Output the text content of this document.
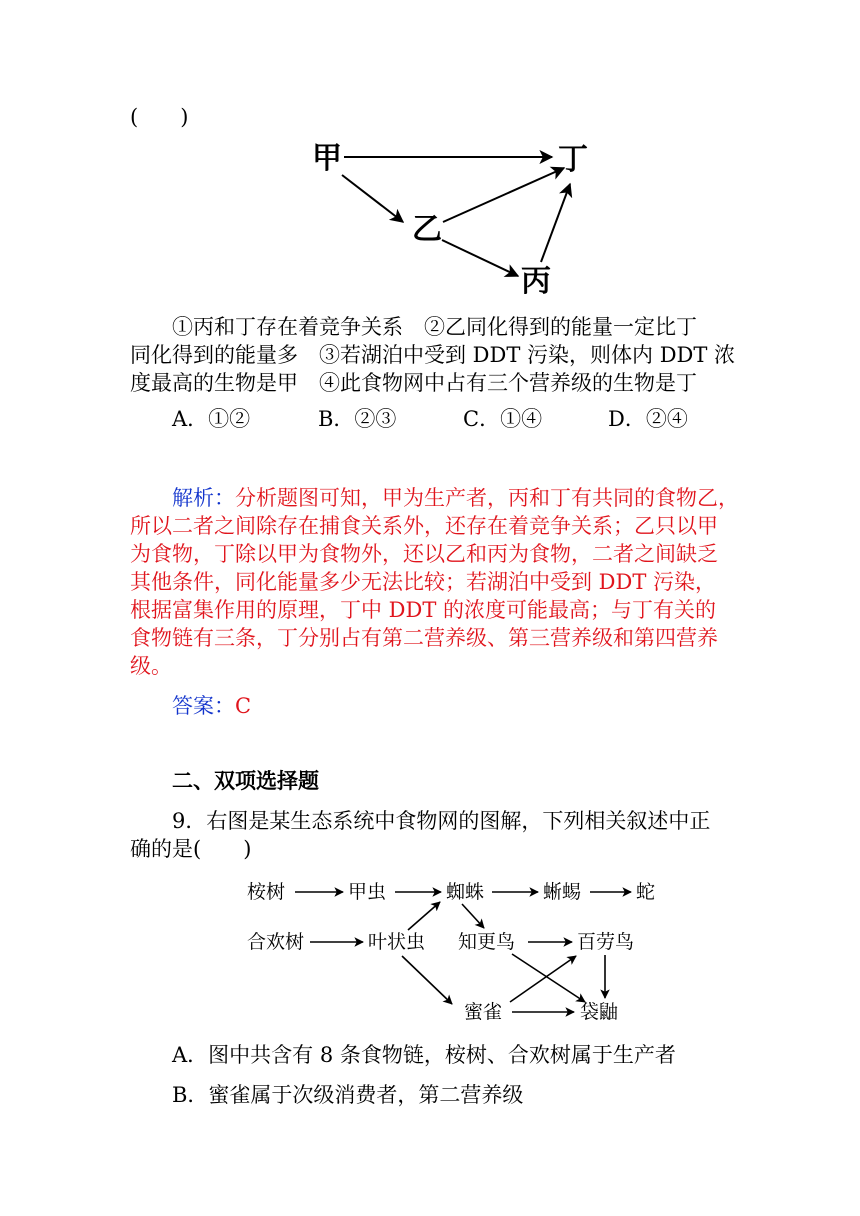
(　　)
甲
乙
丙
丁
①丙和丁存在着竞争关系　②乙同化得到的能量一定比丁
同化得到的能量多　③若湖泊中受到 DDT 污染，则体内 DDT 浓
度最高的生物是甲　④此食物网中占有三个营养级的生物是丁
A．①②	B．②③	C．①④	D．②④
解析：分析题图可知，甲为生产者，丙和丁有共同的食物乙，
所以二者之间除存在捕食关系外，还存在着竞争关系；乙只以甲
为食物，丁除以甲为食物外，还以乙和丙为食物，二者之间缺乏
其他条件，同化能量多少无法比较；若湖泊中受到 DDT 污染，
根据富集作用的原理，丁中 DDT 的浓度可能最高；与丁有关的
食物链有三条，丁分别占有第二营养级、第三营养级和第四营养
级。
答案：C
二、双项选择题
9．右图是某生态系统中食物网的图解，下列相关叙述中正
确的是(　　)
桉树	甲虫	蜘蛛	蜥蜴	蛇
合欢树	叶状虫 知更鸟	百劳鸟
蜜雀	袋鼬
A．图中共含有 8 条食物链，桉树、合欢树属于生产者
B．蜜雀属于次级消费者，第二营养级
